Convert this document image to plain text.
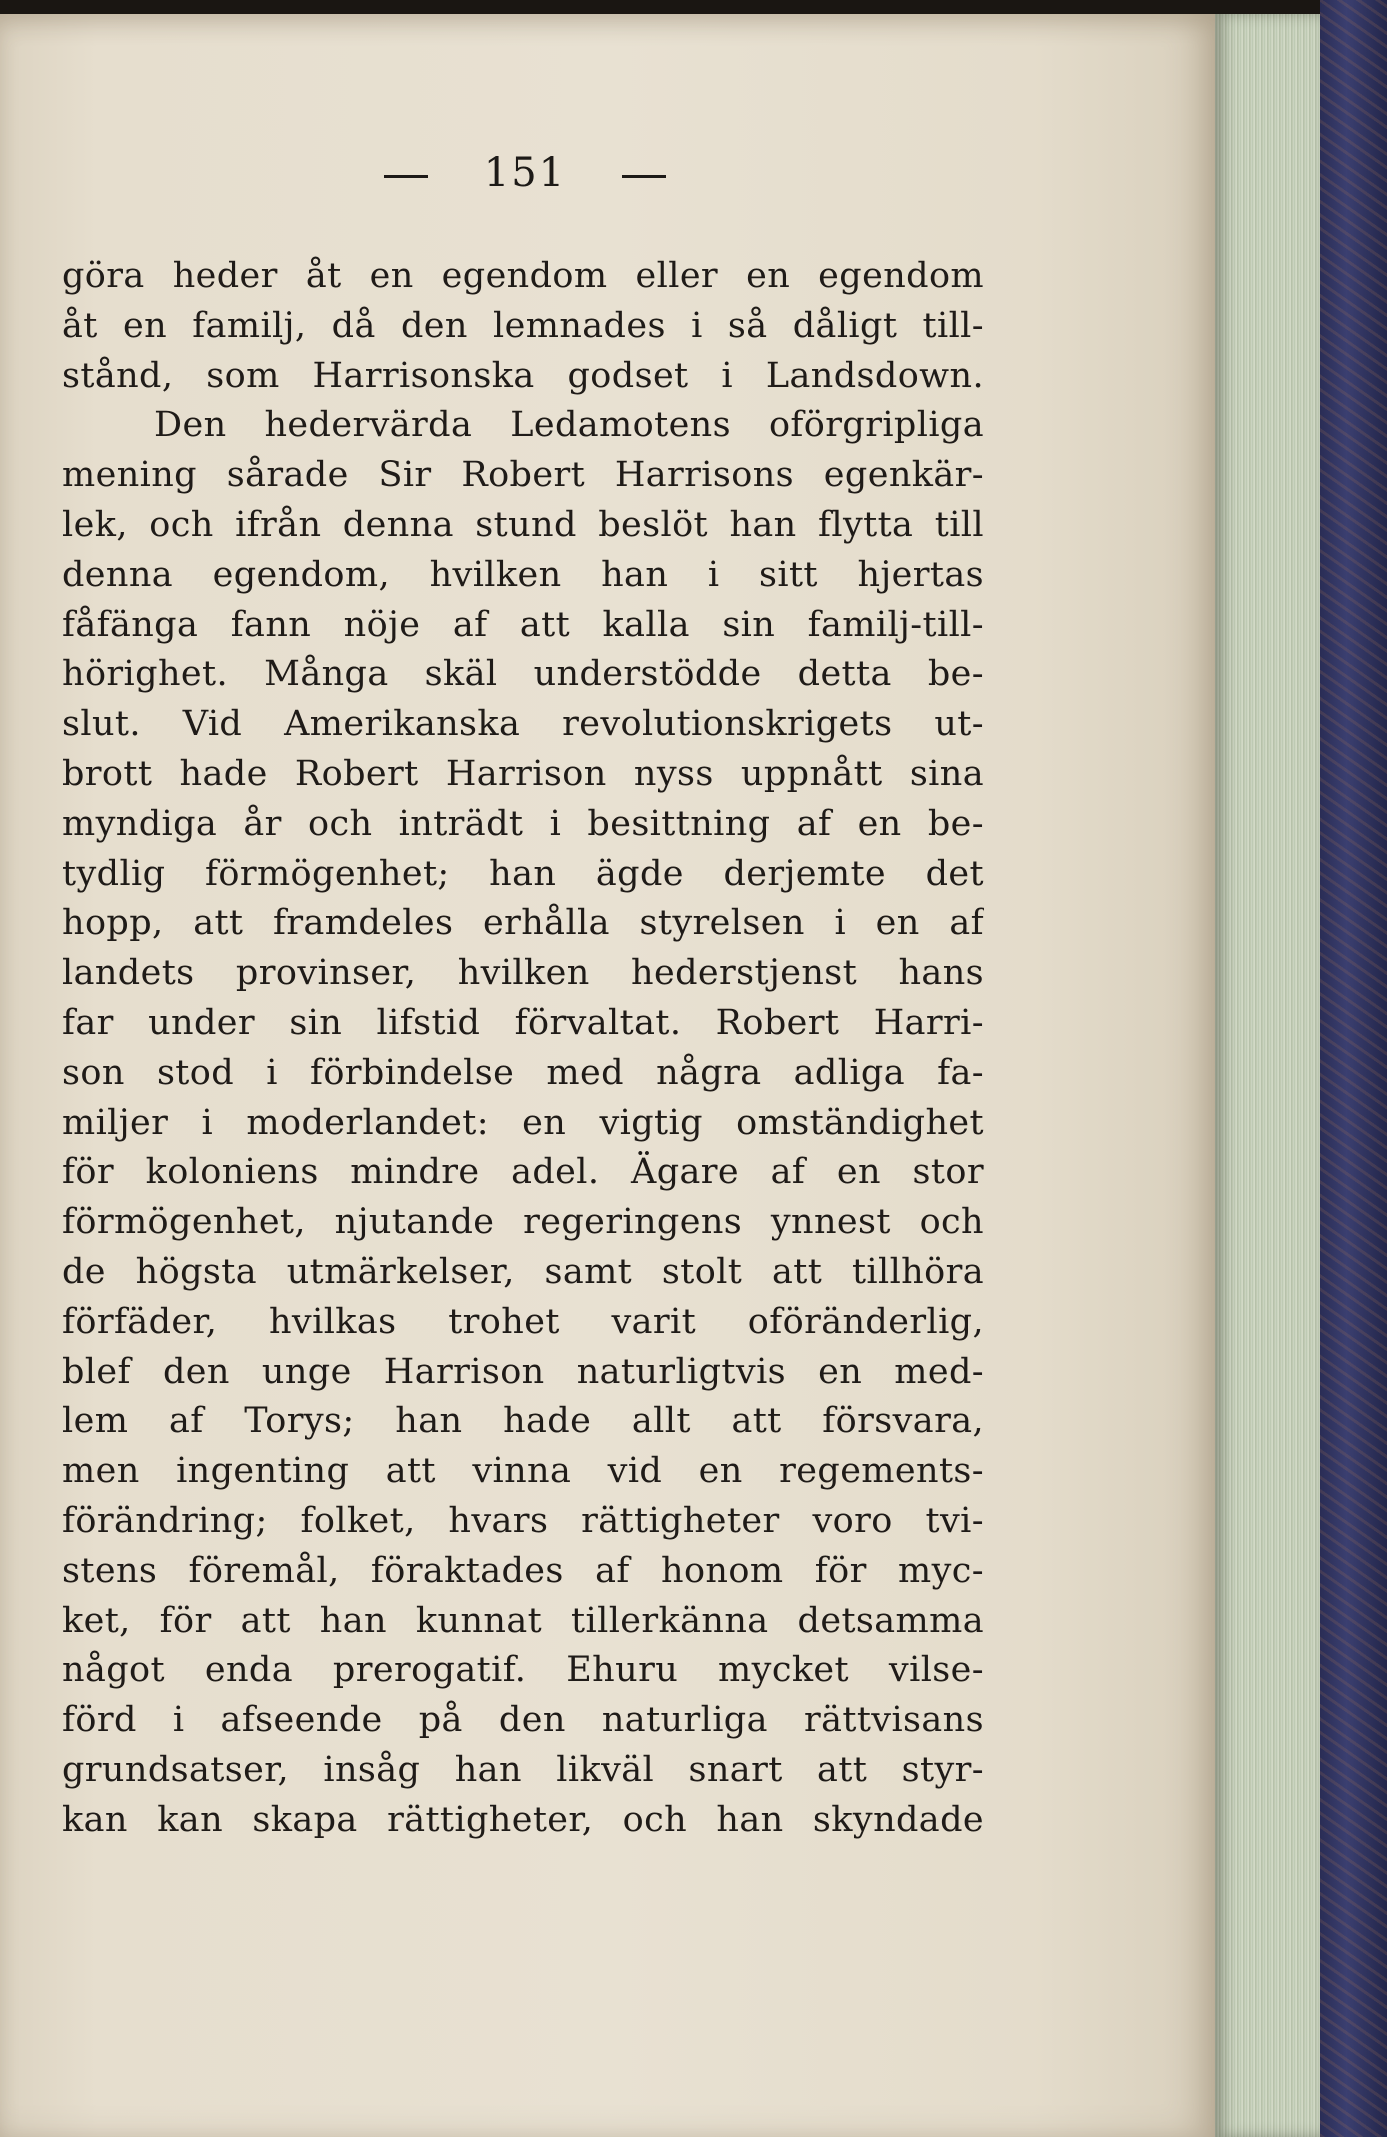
151
göra heder åt en egendom eller en egendom
åt en familj, då den lemnades i så dåligt till-
stånd, som Harrisonska godset i Landsdown.
Den hedervärda Ledamotens oförgripliga
mening sårade Sir Robert Harrisons egenkär-
lek, och ifrån denna stund beslöt han flytta till
denna egendom, hvilken han i sitt hjertas
fåfänga fann nöje af att kalla sin familj-till-
hörighet. Många skäl understödde detta be-
slut. Vid Amerikanska revolutionskrigets ut-
brott hade Robert Harrison nyss uppnått sina
myndiga år och inträdt i besittning af en be-
tydlig förmögenhet; han ägde derjemte det
hopp, att framdeles erhålla styrelsen i en af
landets provinser, hvilken hederstjenst hans
far under sin lifstid förvaltat. Robert Harri-
son stod i förbindelse med några adliga fa-
miljer i moderlandet: en vigtig omständighet
för koloniens mindre adel. Ägare af en stor
förmögenhet, njutande regeringens ynnest och
de högsta utmärkelser, samt stolt att tillhöra
förfäder, hvilkas trohet varit oföränderlig,
blef den unge Harrison naturligtvis en med-
lem af Torys; han hade allt att försvara,
men ingenting att vinna vid en regements-
förändring; folket, hvars rättigheter voro tvi-
stens föremål, föraktades af honom för myc-
ket, för att han kunnat tillerkänna detsamma
något enda prerogatif. Ehuru mycket vilse-
förd i afseende på den naturliga rättvisans
grundsatser, insåg han likväl snart att styr-
kan kan skapa rättigheter, och han skyndade
